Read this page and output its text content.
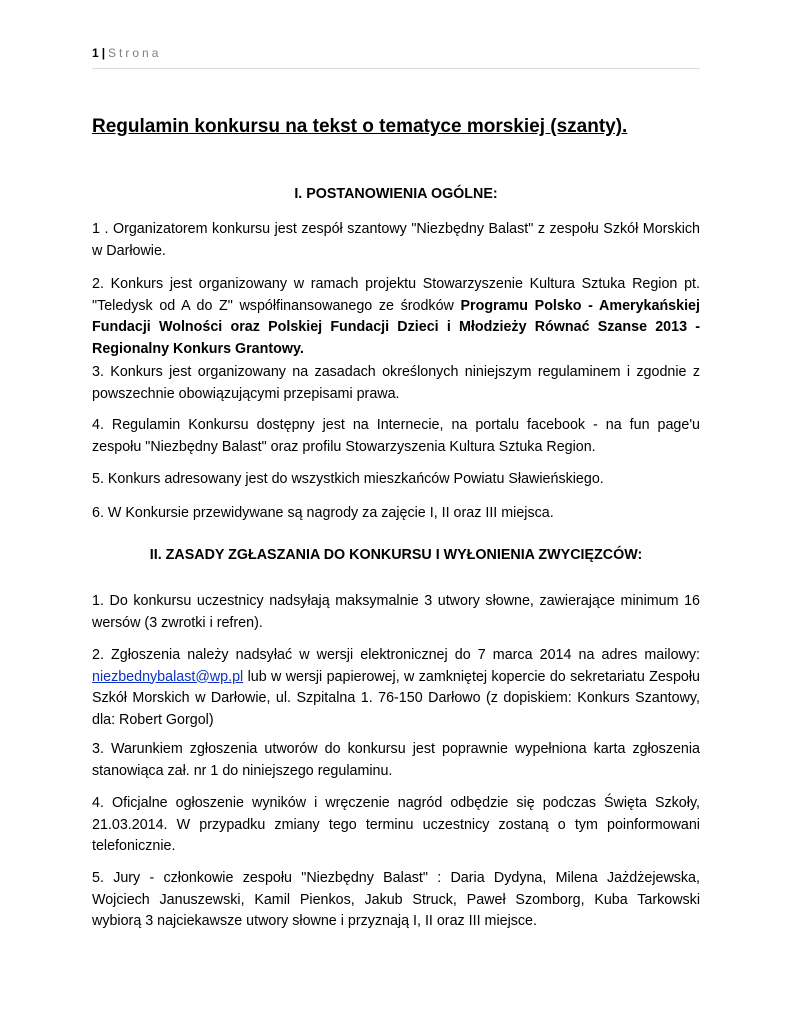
1 | Strona
Regulamin konkursu na tekst o tematyce morskiej (szanty).
I. POSTANOWIENIA OGÓLNE:

1 . Organizatorem konkursu jest zespół szantowy "Niezbędny Balast" z zespołu Szkół Morskich w Darłowie.

2. Konkurs jest organizowany w ramach projektu Stowarzyszenie Kultura Sztuka Region pt. "Teledysk od A do Z" współfinansowanego ze środków Programu Polsko - Amerykańskiej Fundacji Wolności oraz Polskiej Fundacji Dzieci i Młodzieży Równać Szanse 2013 - Regionalny Konkurs Grantowy.

3. Konkurs jest organizowany na zasadach określonych niniejszym regulaminem i zgodnie z powszechnie obowiązującymi przepisami prawa.

4. Regulamin Konkursu dostępny jest na Internecie, na portalu facebook - na fun page'u zespołu "Niezbędny Balast" oraz profilu Stowarzyszenia Kultura Sztuka Region.

5. Konkurs adresowany jest do wszystkich mieszkańców Powiatu Sławieńskiego.

6. W Konkursie przewidywane są nagrody za zajęcie I, II oraz III miejsca.

II. ZASADY ZGŁASZANIA DO KONKURSU I WYŁONIENIA ZWYCIĘZCÓW:

1. Do konkursu uczestnicy nadsyłają maksymalnie 3 utwory słowne, zawierające minimum 16 wersów (3 zwrotki i refren).

2. Zgłoszenia należy nadsyłać w wersji elektronicznej do 7 marca 2014 na adres mailowy: niezbednybalast@wp.pl lub w wersji papierowej, w zamkniętej kopercie do sekretariatu Zespołu Szkół Morskich w Darłowie, ul. Szpitalna 1. 76-150 Darłowo (z dopiskiem: Konkurs Szantowy, dla: Robert Gorgol)

3. Warunkiem zgłoszenia utworów do konkursu jest poprawnie wypełniona karta zgłoszenia stanowiąca zał. nr 1 do niniejszego regulaminu.

4. Oficjalne ogłoszenie wyników i wręczenie nagród odbędzie się podczas Święta Szkoły, 21.03.2014. W przypadku zmiany tego terminu uczestnicy zostaną o tym poinformowani telefonicznie.

5. Jury - członkowie zespołu "Niezbędny Balast" : Daria Dydyna, Milena Jażdżejewska, Wojciech Januszewski, Kamil Pienkos, Jakub Struck, Paweł Szomborg, Kuba Tarkowski wybiorą 3 najciekawsze utwory słowne i przyznają I, II oraz III miejsce.
